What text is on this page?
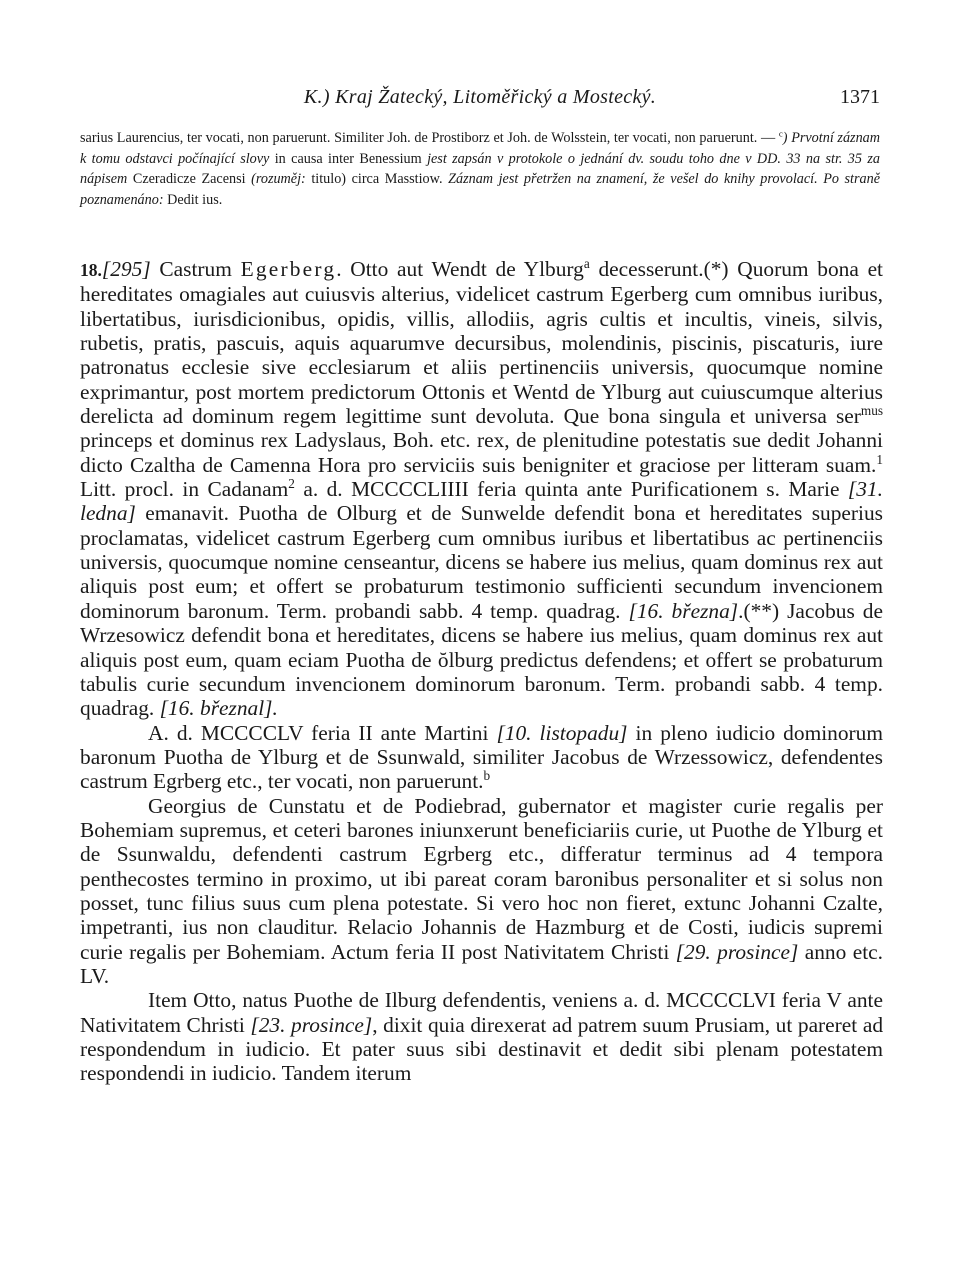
K.) Kraj Žatecký, Litoměřický a Mostecký.	1371
sarius Laurencius, ter vocati, non paruerunt. Similiter Joh. de Prostiborz et Joh. de Wolsstein, ter vocati, non paruerunt. — $^c$) Prvotní záznam k tomu odstavci počínající slovy in causa inter Benessium jest zapsán v protokole o jednání dv. soudu toho dne v DD. 33 na str. 35 za nápisem Czeradicze Zacensi (rozuměj: titulo) circa Masstiow. Záznam jest přetržen na znamení, že vešel do knihy provolací. Po straně poznamenáno: Dedit ius.

18.[295] Castrum Egerberg. Otto aut Wendt de Ylburg$^a$ decesserunt.(*) Quorum bona et hereditates omagiales aut cuiusvis alterius, videlicet castrum Egerberg cum omnibus iuribus, libertatibus, iurisdicionibus, opidis, villis, allodiis, agris cultis et incultis, vineis, silvis, rubetis, pratis, pascuis, aquis aquarumve decursibus, molendinis, piscinis, piscaturis, iure patronatus ecclesie sive ecclesiarum et aliis pertinenciis universis, quocumque nomine exprimantur, post mortem predictorum Ottonis et Wentd de Ylburg aut cuiuscumque alterius derelicta ad dominum regem legittime sunt devoluta. Que bona singula et universa ser$^{mus}$ princeps et dominus rex Ladyslaus, Boh. etc. rex, de plenitudine potestatis sue dedit Johanni dicto Czaltha de Camenna Hora pro serviciis suis benigniter et graciose per litteram suam.$^1$ Litt. procl. in Cadanam$^2$ a. d. MCCCCLIIII feria quinta ante Purificationem s. Marie [31. ledna] emanavit. Puotha de Olburg et de Sunwelde defendit bona et hereditates superius proclamatas, videlicet castrum Egerberg cum omnibus iuribus et libertatibus ac pertinenciis universis, quocumque nomine censeantur, dicens se habere ius melius, quam dominus rex aut aliquis post eum; et offert se probaturum testimonio sufficienti secundum invencionem dominorum baronum. Term. probandi sabb. 4 temp. quadrag. [16. března].(**) Jacobus de Wrzesowicz defendit bona et hereditates, dicens se habere ius melius, quam dominus rex aut aliquis post eum, quam eciam Puotha de ŏlburg predictus defendens; et offert se probaturum tabulis curie secundum invencionem dominorum baronum. Term. probandi sabb. 4 temp. quadrag. [16. březnal].

A. d. MCCCCLV feria II ante Martini [10. listopadu] in pleno iudicio dominorum baronum Puotha de Ylburg et de Ssunwald, similiter Jacobus de Wrzessowicz, defendentes castrum Egrberg etc., ter vocati, non paruerunt.$^b$

Georgius de Cunstatu et de Podiebrad, gubernator et magister curie regalis per Bohemiam supremus, et ceteri barones iniunxerunt beneficiariis curie, ut Puothe de Ylburg et de Ssunwaldu, defendenti castrum Egrberg etc., differatur terminus ad 4 tempora penthecostes termino in proximo, ut ibi pareat coram baronibus personaliter et si solus non posset, tunc filius suus cum plena potestate. Si vero hoc non fieret, extunc Johanni Czalte, impetranti, ius non clauditur. Relacio Johannis de Hazmburg et de Costi, iudicis supremi curie regalis per Bohemiam. Actum feria II post Nativitatem Christi [29. prosince] anno etc. LV.

Item Otto, natus Puothe de Ilburg defendentis, veniens a. d. MCCCCLVI feria V ante Nativitatem Christi [23. prosince], dixit quia direxerat ad patrem suum Prusiam, ut pareret ad respondendum in iudicio. Et pater suus sibi destinavit et dedit sibi plenam potestatem respondendi in iudicio. Tandem iterum
